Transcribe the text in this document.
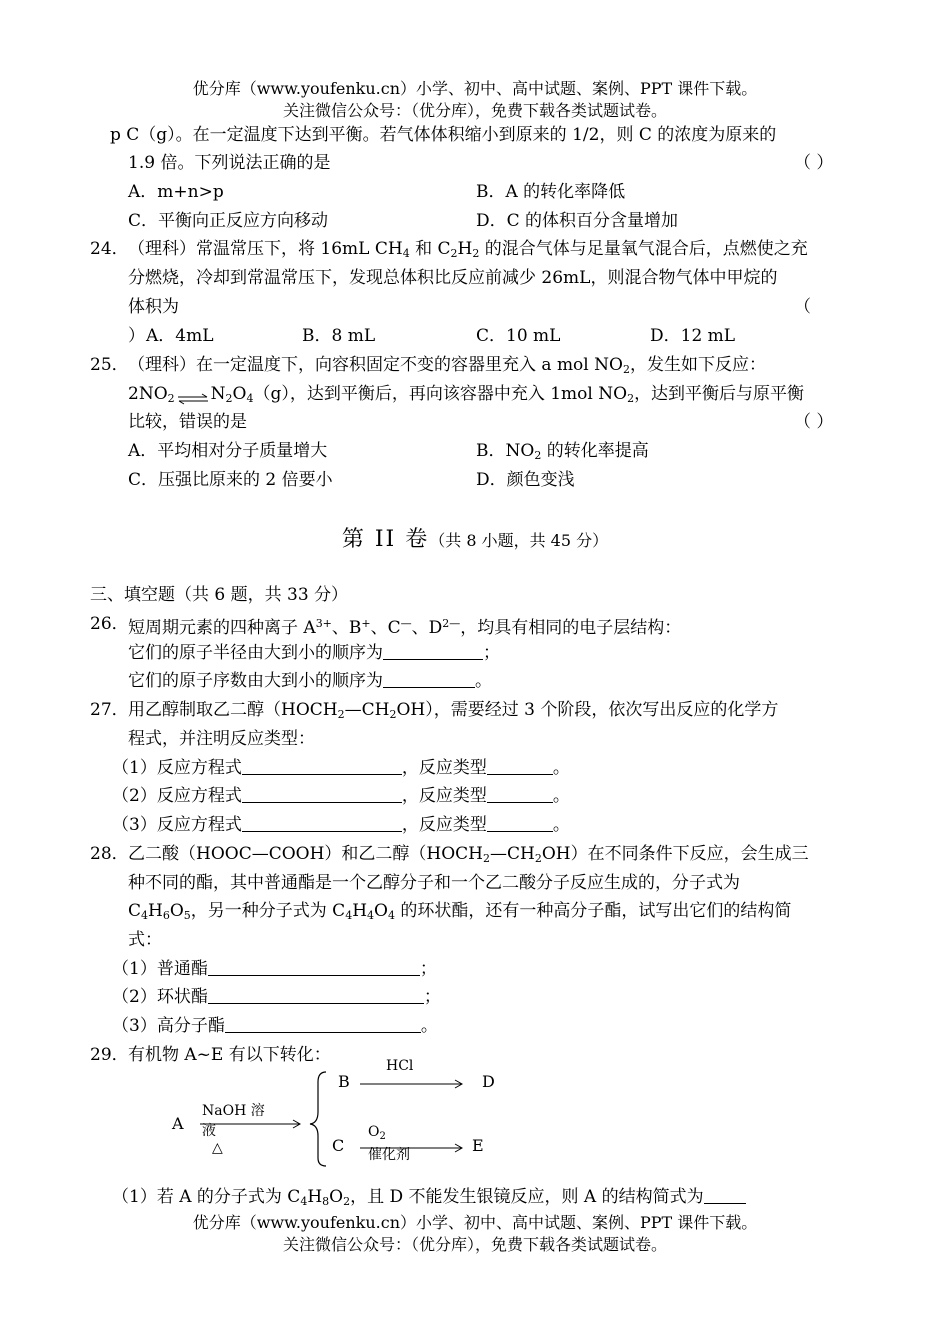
优分库（www.youfenku.cn）小学、初中、高中试题、案例、PPT 课件下载。
关注微信公众号：（优分库），免费下载各类试题试卷。
p C（g）。在一定温度下达到平衡。若气体体积缩小到原来的 1/2，则 C 的浓度为原来的
1.9 倍。下列说法正确的是	（ ）
A．m+n>p	B．A 的转化率降低
C．平衡向正反应方向移动	D．C 的体积百分含量增加
24． （理科）常温常压下，将 16mL $CH_4$ 和 $C_2H_2$ 的混合气体与足量氧气混合后，点燃使之充
分燃烧，冷却到常温常压下，发现总体积比反应前减少 26mL，则混合物气体中甲烷的
体积为	（
） A．4mL	B．8 mL	C．10 mL	D．12 mL
25． （理科）在一定温度下，向容积固定不变的容器里充入 a mol $NO_2$，发生如下反应：
$2NO_2$ ⇌ $N_2O_4(g)$，达到平衡后，再向该容器中充入 1mol $NO_2$，达到平衡后与原平衡
比较，错误的是	（ ）
A．平均相对分子质量增大	B．$NO_2$ 的转化率提高
C．压强比原来的 2 倍要小	D．颜色变浅
第 II 卷（共 8 小题，共 45 分）
三、填空题（共 6 题，共 33 分）
26． 短周期元素的四种离子 $A^{3+}$、B+、C—、$D^{2—}$，均具有相同的电子层结构：
它们的原子半径由大到小的顺序为	；
它们的原子序数由大到小的顺序为	。
27． 用乙醇制取乙二醇$(HOCH_2—CH_2OH)$，需要经过 3 个阶段，依次写出反应的化学方
程式，并注明反应类型：
（1）反应方程式	，反应类型	。
（2）反应方程式	，反应类型	。
（3）反应方程式	，反应类型	。
28． 乙二酸（HOOC—COOH）和乙二醇$(HOCH_2—CH_2OH)$在不同条件下反应，会生成三
种不同的酯，其中普通酯是一个乙醇分子和一个乙二酸分子反应生成的，分子式为
$C_4H_6O_5$，另一种分子式为 $C_4H_4O_4$ 的环状酯，还有一种高分子酯，试写出它们的结构简
式：
（1）普通酯	；
（2）环状酯	；
（3）高分子酯	。
29． 有机物 A~E 有以下转化：
A
NaOH 溶
液
△
B
HCl
D
C
$O_2$
催化剂	E
（1）若 A 的分子式为 $C_4H_8O_2$，且 D 不能发生银镜反应，则 A 的结构简式为
优分库（www.youfenku.cn）小学、初中、高中试题、案例、PPT 课件下载。
关注微信公众号：（优分库），免费下载各类试题试卷。
